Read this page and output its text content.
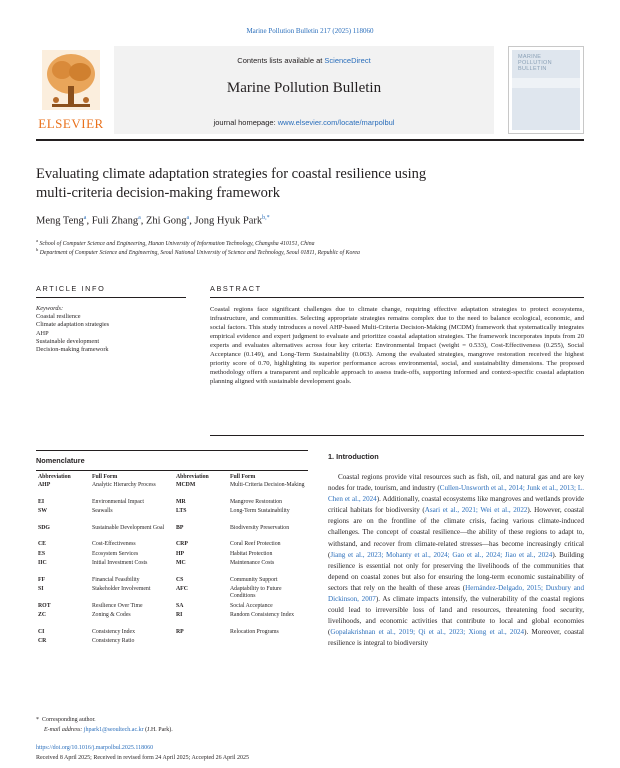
Marine Pollution Bulletin 217 (2025) 118060
ELSEVIER
Contents lists available at ScienceDirect
Marine Pollution Bulletin
journal homepage: www.elsevier.com/locate/marpolbul
MARINE POLLUTION BULLETIN
Evaluating climate adaptation strategies for coastal resilience using
multi-criteria decision-making framework
Meng Teng$^a$, Fuli Zhang$^a$, Zhi Gong$^a$, Jong Hyuk Park$^{b,*}$
$^a$ School of Computer Science and Engineering, Hunan University of Information Technology, Changsha 410151, China
$^b$ Department of Computer Science and Engineering, Seoul National University of Science and Technology, Seoul 01811, Republic of Korea
ARTICLE INFO	ABSTRACT
Keywords:
Coastal resilience
Climate adaptation strategies
AHP
Sustainable development
Decision-making framework
Coastal regions face significant challenges due to climate change, requiring effective adaptation strategies to protect ecosystems, infrastructure, and communities. Selecting appropriate strategies remains complex due to the need to balance ecological, economic, and social factors. This study introduces a novel AHP-based Multi-Criteria Decision-Making (MCDM) framework that systematically integrates empirical evidence and expert judgment to evaluate and prioritize coastal adaptation strategies. The framework incorporates inputs from 20 experts and evaluates alternatives across four key criteria: Environmental Impact (weight = 0.533), Cost-Effectiveness (0.255), Social Acceptance (0.149), and Long-Term Sustainability (0.063). Among the evaluated strategies, mangrove restoration received the highest priority score of 0.70, highlighting its superior performance across environmental, social, and sustainability dimensions. The proposed methodology offers a transparent and replicable approach to assess trade-offs, supporting informed and context-specific coastal adaptation planning aligned with sustainable development goals.
Nomenclature
Abbreviation	Full Form	Abbreviation	Full Form
AHP	Analytic Hierarchy Process	MCDM	Multi-Criteria Decision-Making
EI	Environmental Impact	MR	Mangrove Restoration
SW	Seawalls	LTS	Long-Term Sustainability
SDG	Sustainable Development Goal	BP	Biodiversity Preservation
CE	Cost-Effectiveness	CRP	Coral Reef Protection
ES	Ecosystem Services	HP	Habitat Protection
IIC	Initial Investment Costs	MC	Maintenance Costs
FF	Financial Feasibility	CS	Community Support
SI	Stakeholder Involvement	AFC	Adaptability to Future Conditions
ROT	Resilience Over Time	SA	Social Acceptance
ZC	Zoning & Codes	RI	Random Consistency Index
CI	Consistency Index	RP	Relocation Programs
CR	Consistency Ratio
1. Introduction
Coastal regions provide vital resources such as fish, oil, and natural gas and are key nodes for trade, tourism, and industry (Cullen-Unsworth et al., 2014; Junk et al., 2013; L. Chen et al., 2024). Additionally, coastal ecosystems like mangroves and wetlands provide critical habitats for biodiversity (Asari et al., 2021; Wei et al., 2022). However, coastal regions are on the frontline of the climate crisis, facing various climate-induced challenges. The concept of coastal resilience—the ability of these regions to adapt to, withstand, and recover from climate-related stresses—has become increasingly critical (Jiang et al., 2023; Mohanty et al., 2024; Gao et al., 2024; Jiao et al., 2024). Building resilience is essential not only for preserving the livelihoods of the communities that depend on coastal zones but also for ensuring the long-term economic sustainability of sectors that rely on the health of these areas (Hernández-Delgado, 2015; Duxbury and Dickinson, 2007). As climate impacts intensify, the vulnerability of the coastal regions could lead to irreversible loss of land and resources, threatening food security, livelihoods, and economic activities that contribute to local and global economies (Gopalakrishnan et al., 2019; Qi et al., 2023; Xiong et al., 2024). Moreover, coastal resilience is integral to biodiversity
* Corresponding author.
E-mail address: jhpark1@seoultech.ac.kr (J.H. Park).
https://doi.org/10.1016/j.marpolbul.2025.118060
Received 8 April 2025; Received in revised form 24 April 2025; Accepted 26 April 2025
